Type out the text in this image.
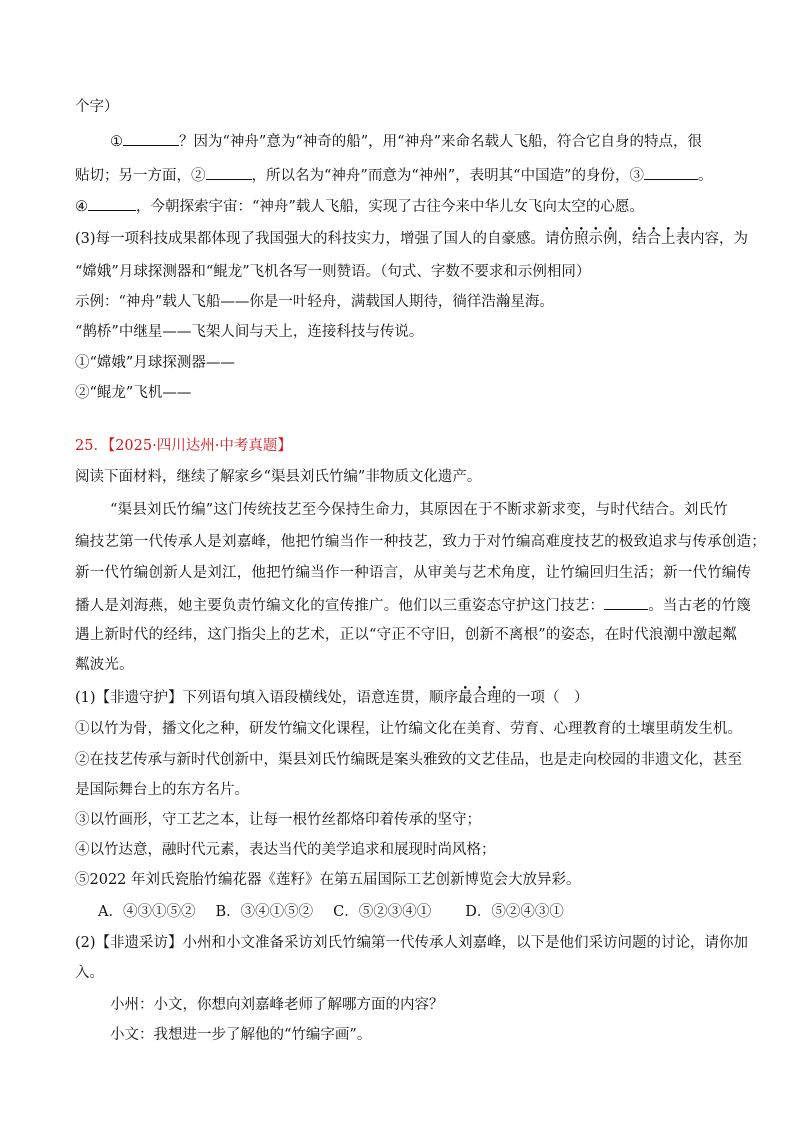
个字）
①	？因为“神舟”意为“神奇的船”，用“神舟”来命名载人飞船，符合它自身的特点，很
贴切；另一方面，②	，所以名为“神舟”而意为“神州”，表明其“中国造”的身份，③	。
④	，今朝探索宇宙：“神舟”载人飞船，实现了古往今来中华儿女飞向太空的心愿。
(3)每一项科技成果都体现了我国强大的科技实力，增强了国人的自豪感。请仿照示例，结合上表内容，为
“嫦娥”月球探测器和“鲲龙”飞机各写一则赞语。（句式、字数不要求和示例相同）
示例：“神舟”载人飞船——你是一叶轻舟，满载国人期待，徜徉浩瀚星海。
“鹊桥”中继星——飞架人间与天上，连接科技与传说。
①“嫦娥”月球探测器——
②“鲲龙”飞机——
25．【2025·四川达州·中考真题】
阅读下面材料，继续了解家乡“渠县刘氏竹编”非物质文化遗产。
“渠县刘氏竹编”这门传统技艺至今保持生命力，其原因在于不断求新求变，与时代结合。刘氏竹
编技艺第一代传承人是刘嘉峰，他把竹编当作一种技艺，致力于对竹编高难度技艺的极致追求与传承创造；
新一代竹编创新人是刘江，他把竹编当作一种语言，从审美与艺术角度，让竹编回归生活；新一代竹编传
播人是刘海燕，她主要负责竹编文化的宣传推广。他们以三重姿态守护这门技艺：	。当古老的竹篾
遇上新时代的经纬，这门指尖上的艺术，正以“守正不守旧，创新不离根”的姿态，在时代浪潮中激起粼
粼波光。
(1)【非遗守护】下列语句填入语段横线处，语意连贯，顺序最合理的一项（　）
①以竹为骨，播文化之种，研发竹编文化课程，让竹编文化在美育、劳育、心理教育的土壤里萌发生机。
②在技艺传承与新时代创新中，渠县刘氏竹编既是案头雅致的文艺佳品，也是走向校园的非遗文化，甚至
是国际舞台上的东方名片。
③以竹画形，守工艺之本，让每一根竹丝都烙印着传承的坚守；
④以竹达意，融时代元素，表达当代的美学追求和展现时尚风格；
⑤2022 年刘氏瓷胎竹编花器《莲籽》在第五届国际工艺创新博览会大放异彩。
A．④③①⑤② B．③④①⑤② C．⑤②③④① D．⑤②④③①
(2)【非遗采访】小州和小文准备采访刘氏竹编第一代传承人刘嘉峰，以下是他们采访问题的讨论，请你加
入。
小州：小文，你想向刘嘉峰老师了解哪方面的内容？
小文：我想进一步了解他的“竹编字画”。
